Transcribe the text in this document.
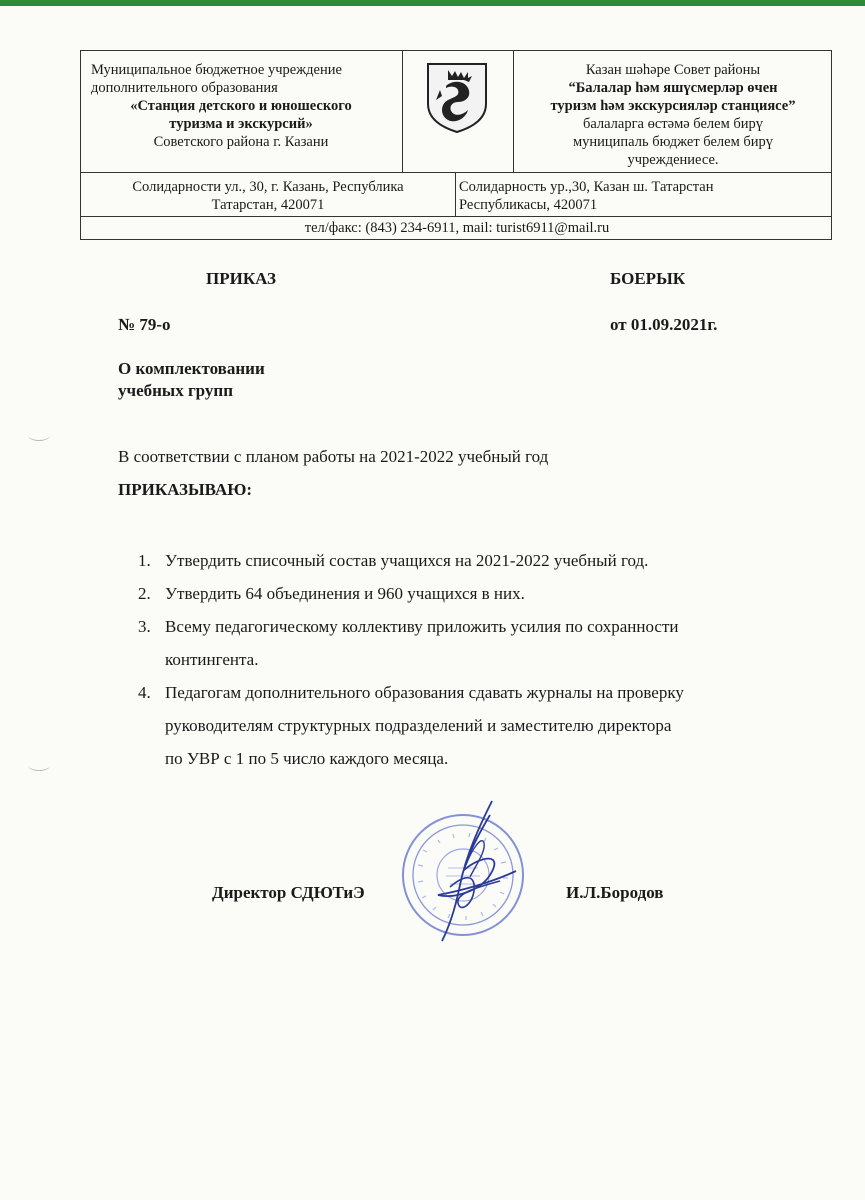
Муниципальное бюджетное учреждение
дополнительного образования
«Станция детского и юношеского
туризма и экскурсий»
Советского района г. Казани
Казан шәһәре Совет районы
“Балалар һәм яшүсмерләр өчен
туризм һәм экскурсияләр станциясе”
балаларга өстәмә белем бирү
муниципаль бюджет белем бирү
учреждениесе.
Солидарности ул., 30, г. Казань, Республика
Татарстан, 420071
Солидарность ур.,30, Казан ш. Татарстан
Республикасы, 420071
тел/факс: (843) 234-6911, mail: turist6911@mail.ru
ПРИКАЗ	БОЕРЫК
№ 79-о	от 01.09.2021г.
О комплектовании
учебных групп
В соответствии с планом работы на 2021-2022 учебный год
ПРИКАЗЫВАЮ:
1. Утвердить списочный состав учащихся на 2021-2022 учебный год.
2. Утвердить 64 объединения и 960 учащихся в них.
3. Всему педагогическому коллективу приложить усилия по сохранности
контингента.
4. Педагогам дополнительного образования сдавать журналы на проверку
руководителям структурных подразделений и заместителю директора
по УВР с 1 по 5 число каждого месяца.
Директор СДЮТиЭ	И.Л.Бородов
